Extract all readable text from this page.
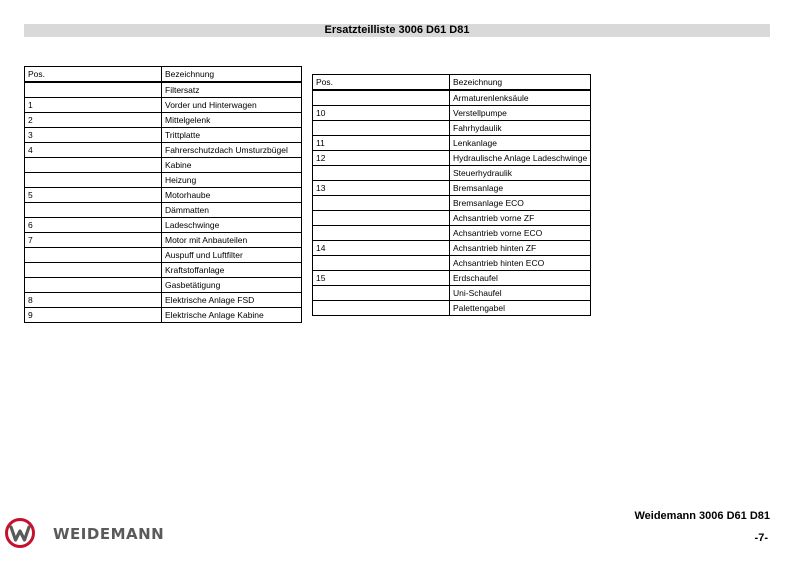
Ersatzteilliste 3006 D61 D81
Pos.	Bezeichnung
	Filtersatz
1	Vorder und Hinterwagen
2	Mittelgelenk
3	Trittplatte
4	Fahrerschutzdach Umsturzbügel
	Kabine
	Heizung
5	Motorhaube
	Dämmatten
6	Ladeschwinge
7	Motor mit Anbauteilen
	Auspuff und Luftfilter
	Kraftstoffanlage
	Gasbetätigung
8	Elektrische Anlage FSD
9	Elektrische Anlage Kabine
Pos.	Bezeichnung
	Armaturenlenksäule
10	Verstellpumpe
	Fahrhydaulik
11	Lenkanlage
12	Hydraulische Anlage Ladeschwinge
	Steuerhydraulik
13	Bremsanlage
	Bremsanlage ECO
	Achsantrieb vorne ZF
	Achsantrieb vorne ECO
14	Achsantrieb hinten ZF
	Achsantrieb hinten ECO
15	Erdschaufel
	Uni-Schaufel
	Palettengabel
WEIDEMANN
Weidemann 3006 D61 D81
-7-
